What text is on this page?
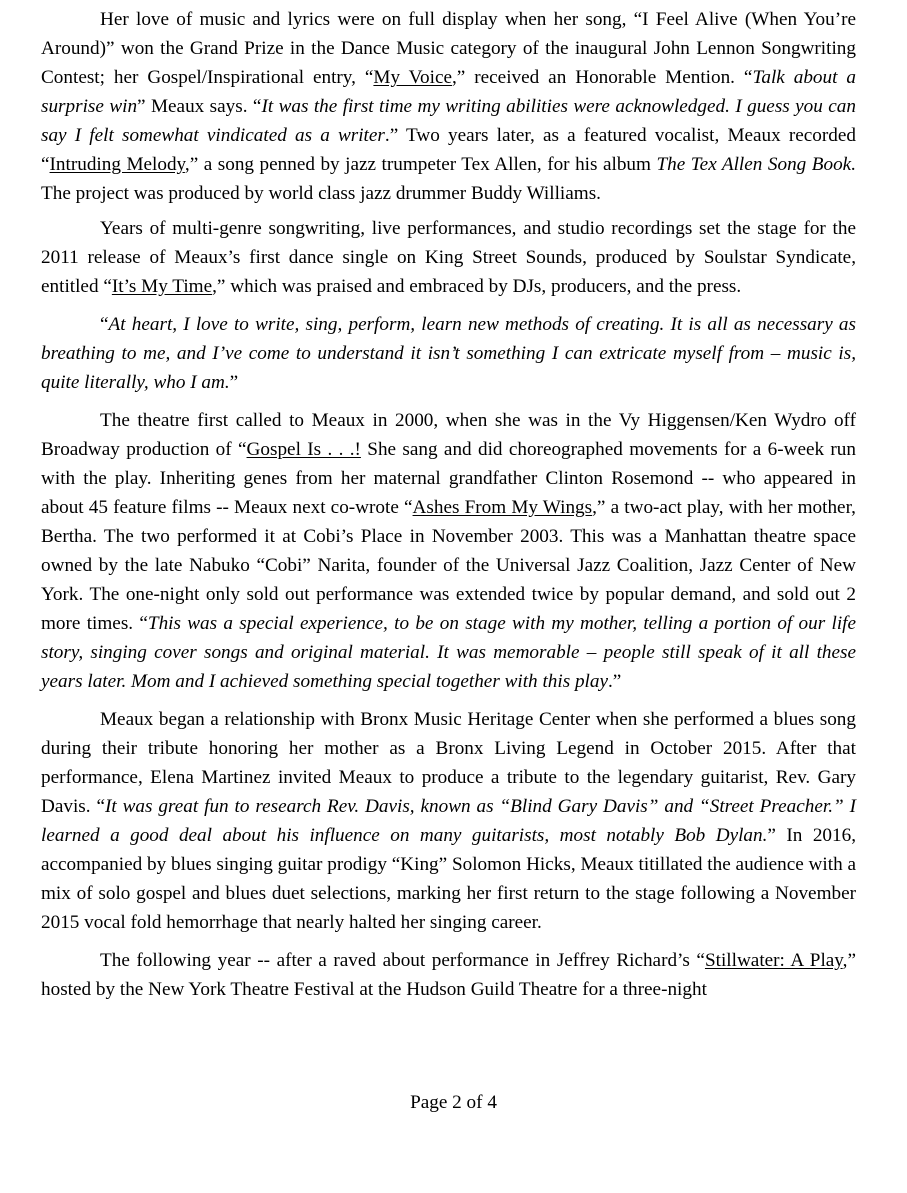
Her love of music and lyrics were on full display when her song, “I Feel Alive (When You’re Around)” won the Grand Prize in the Dance Music category of the inaugural John Lennon Songwriting Contest; her Gospel/Inspirational entry, “My Voice,” received an Honorable Mention. “Talk about a surprise win” Meaux says. “It was the first time my writing abilities were acknowledged. I guess you can say I felt somewhat vindicated as a writer.” Two years later, as a featured vocalist, Meaux recorded “Intruding Melody,” a song penned by jazz trumpeter Tex Allen, for his album The Tex Allen Song Book. The project was produced by world class jazz drummer Buddy Williams.

Years of multi-genre songwriting, live performances, and studio recordings set the stage for the 2011 release of Meaux’s first dance single on King Street Sounds, produced by Soulstar Syndicate, entitled “It’s My Time,” which was praised and embraced by DJs, producers, and the press.

“At heart, I love to write, sing, perform, learn new methods of creating. It is all as necessary as breathing to me, and I’ve come to understand it isn’t something I can extricate myself from – music is, quite literally, who I am.”

The theatre first called to Meaux in 2000, when she was in the Vy Higgensen/Ken Wydro off Broadway production of “Gospel Is . . .! She sang and did choreographed movements for a 6-week run with the play. Inheriting genes from her maternal grandfather Clinton Rosemond -- who appeared in about 45 feature films -- Meaux next co-wrote “Ashes From My Wings,” a two-act play, with her mother, Bertha. The two performed it at Cobi’s Place in November 2003. This was a Manhattan theatre space owned by the late Nabuko “Cobi” Narita, founder of the Universal Jazz Coalition, Jazz Center of New York. The one-night only sold out performance was extended twice by popular demand, and sold out 2 more times. “This was a special experience, to be on stage with my mother, telling a portion of our life story, singing cover songs and original material. It was memorable – people still speak of it all these years later. Mom and I achieved something special together with this play.”

Meaux began a relationship with Bronx Music Heritage Center when she performed a blues song during their tribute honoring her mother as a Bronx Living Legend in October 2015. After that performance, Elena Martinez invited Meaux to produce a tribute to the legendary guitarist, Rev. Gary Davis. “It was great fun to research Rev. Davis, known as “Blind Gary Davis” and “Street Preacher.” I learned a good deal about his influence on many guitarists, most notably Bob Dylan.” In 2016, accompanied by blues singing guitar prodigy “King” Solomon Hicks, Meaux titillated the audience with a mix of solo gospel and blues duet selections, marking her first return to the stage following a November 2015 vocal fold hemorrhage that nearly halted her singing career.

The following year -- after a raved about performance in Jeffrey Richard’s “Stillwater: A Play,” hosted by the New York Theatre Festival at the Hudson Guild Theatre for a three-night

Page 2 of 4
